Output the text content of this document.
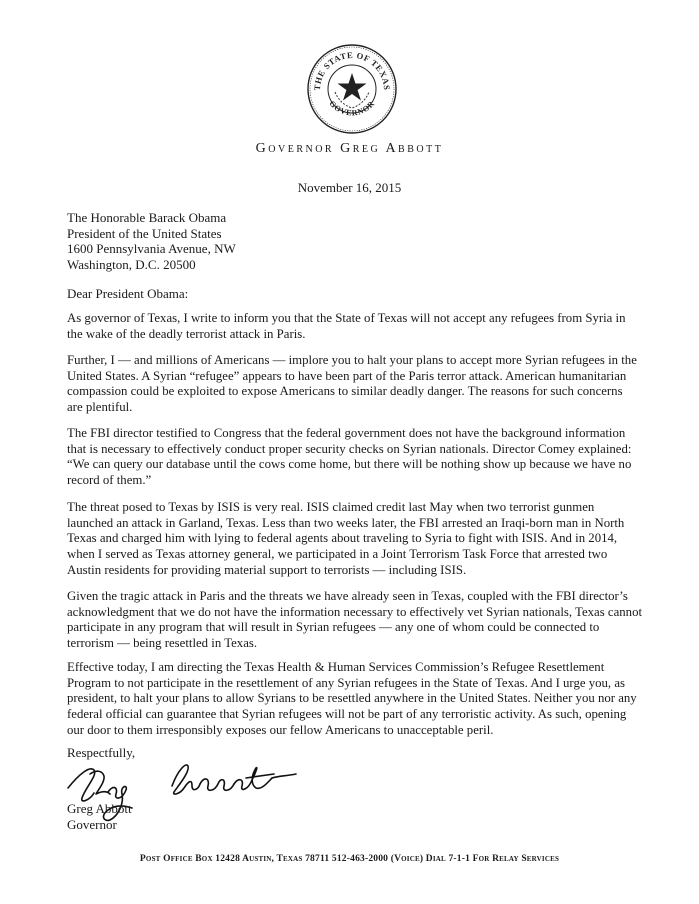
THE STATE OF TEXAS
GOVERNOR
Governor Greg Abbott
November 16, 2015
The Honorable Barack Obama
President of the United States
1600 Pennsylvania Avenue, NW
Washington, D.C. 20500
Dear President Obama:
As governor of Texas, I write to inform you that the State of Texas will not accept any refugees from Syria in
the wake of the deadly terrorist attack in Paris.
Further, I — and millions of Americans — implore you to halt your plans to accept more Syrian refugees in the
United States. A Syrian “refugee” appears to have been part of the Paris terror attack. American humanitarian
compassion could be exploited to expose Americans to similar deadly danger. The reasons for such concerns
are plentiful.
The FBI director testified to Congress that the federal government does not have the background information
that is necessary to effectively conduct proper security checks on Syrian nationals. Director Comey explained:
“We can query our database until the cows come home, but there will be nothing show up because we have no
record of them.”
The threat posed to Texas by ISIS is very real. ISIS claimed credit last May when two terrorist gunmen
launched an attack in Garland, Texas. Less than two weeks later, the FBI arrested an Iraqi-born man in North
Texas and charged him with lying to federal agents about traveling to Syria to fight with ISIS. And in 2014,
when I served as Texas attorney general, we participated in a Joint Terrorism Task Force that arrested two
Austin residents for providing material support to terrorists — including ISIS.
Given the tragic attack in Paris and the threats we have already seen in Texas, coupled with the FBI director’s
acknowledgment that we do not have the information necessary to effectively vet Syrian nationals, Texas cannot
participate in any program that will result in Syrian refugees — any one of whom could be connected to
terrorism — being resettled in Texas.
Effective today, I am directing the Texas Health & Human Services Commission’s Refugee Resettlement
Program to not participate in the resettlement of any Syrian refugees in the State of Texas. And I urge you, as
president, to halt your plans to allow Syrians to be resettled anywhere in the United States. Neither you nor any
federal official can guarantee that Syrian refugees will not be part of any terroristic activity. As such, opening
our door to them irresponsibly exposes our fellow Americans to unacceptable peril.
Respectfully,
Greg Abbott
Governor
Post Office Box 12428 Austin, Texas 78711 512-463-2000 (Voice) Dial 7-1-1 For Relay Services
